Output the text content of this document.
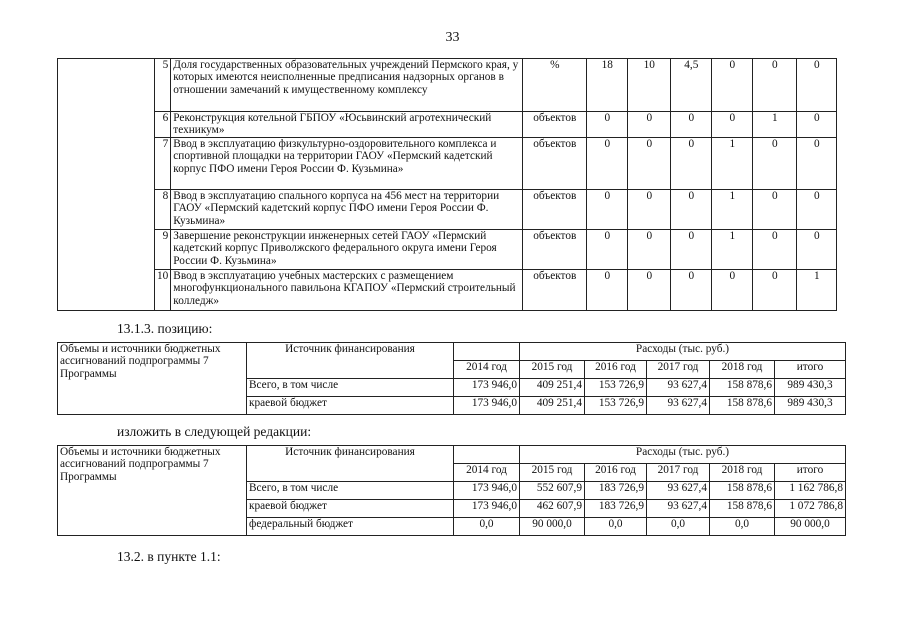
33
	5	Доля государственных образовательных учреждений Пермского края, у которых имеются неисполненные предписания надзорных органов в отношении замечаний к имущественному комплексу	%	18	10	4,5	0	0	0
	6	Реконструкция котельной ГБПОУ «Юсьвинский агротехнический техникум»	объектов	0	0	0	0	1	0
	7	Ввод в эксплуатацию физкультурно-оздоровительного комплекса и спортивной площадки на территории ГАОУ «Пермский кадетский корпус ПФО имени Героя России Ф. Кузьмина»	объектов	0	0	0	1	0	0
	8	Ввод в эксплуатацию спального корпуса на 456 мест на территории ГАОУ «Пермский кадетский корпус ПФО имени Героя России Ф. Кузьмина»	объектов	0	0	0	1	0	0
	9	Завершение реконструкции инженерных сетей ГАОУ «Пермский кадетский корпус Приволжского федерального округа имени Героя России Ф. Кузьмина»	объектов	0	0	0	1	0	0
	10	Ввод в эксплуатацию учебных мастерских с размещением многофункционального павильона КГАПОУ «Пермский строительный колледж»	объектов	0	0	0	0	0	1
13.1.3. позицию:
Объемы и источники бюджетных ассигнований подпрограммы 7 Программы	Источник финансирования		Расходы (тыс. руб.)				
		2014 год	2015 год	2016 год	2017 год	2018 год	итого
	Всего, в том числе	173 946,0	409 251,4	153 726,9	93 627,4	158 878,6	989 430,3
	краевой бюджет	173 946,0	409 251,4	153 726,9	93 627,4	158 878,6	989 430,3
изложить в следующей редакции:
Объемы и источники бюджетных ассигнований подпрограммы 7 Программы	Источник финансирования		Расходы (тыс. руб.)				
		2014 год	2015 год	2016 год	2017 год	2018 год	итого
	Всего, в том числе	173 946,0	552 607,9	183 726,9	93 627,4	158 878,6	1 162 786,8
	краевой бюджет	173 946,0	462 607,9	183 726,9	93 627,4	158 878,6	1 072 786,8
	федеральный бюджет	0,0	90 000,0	0,0	0,0	0,0	90 000,0
13.2. в пункте 1.1:
